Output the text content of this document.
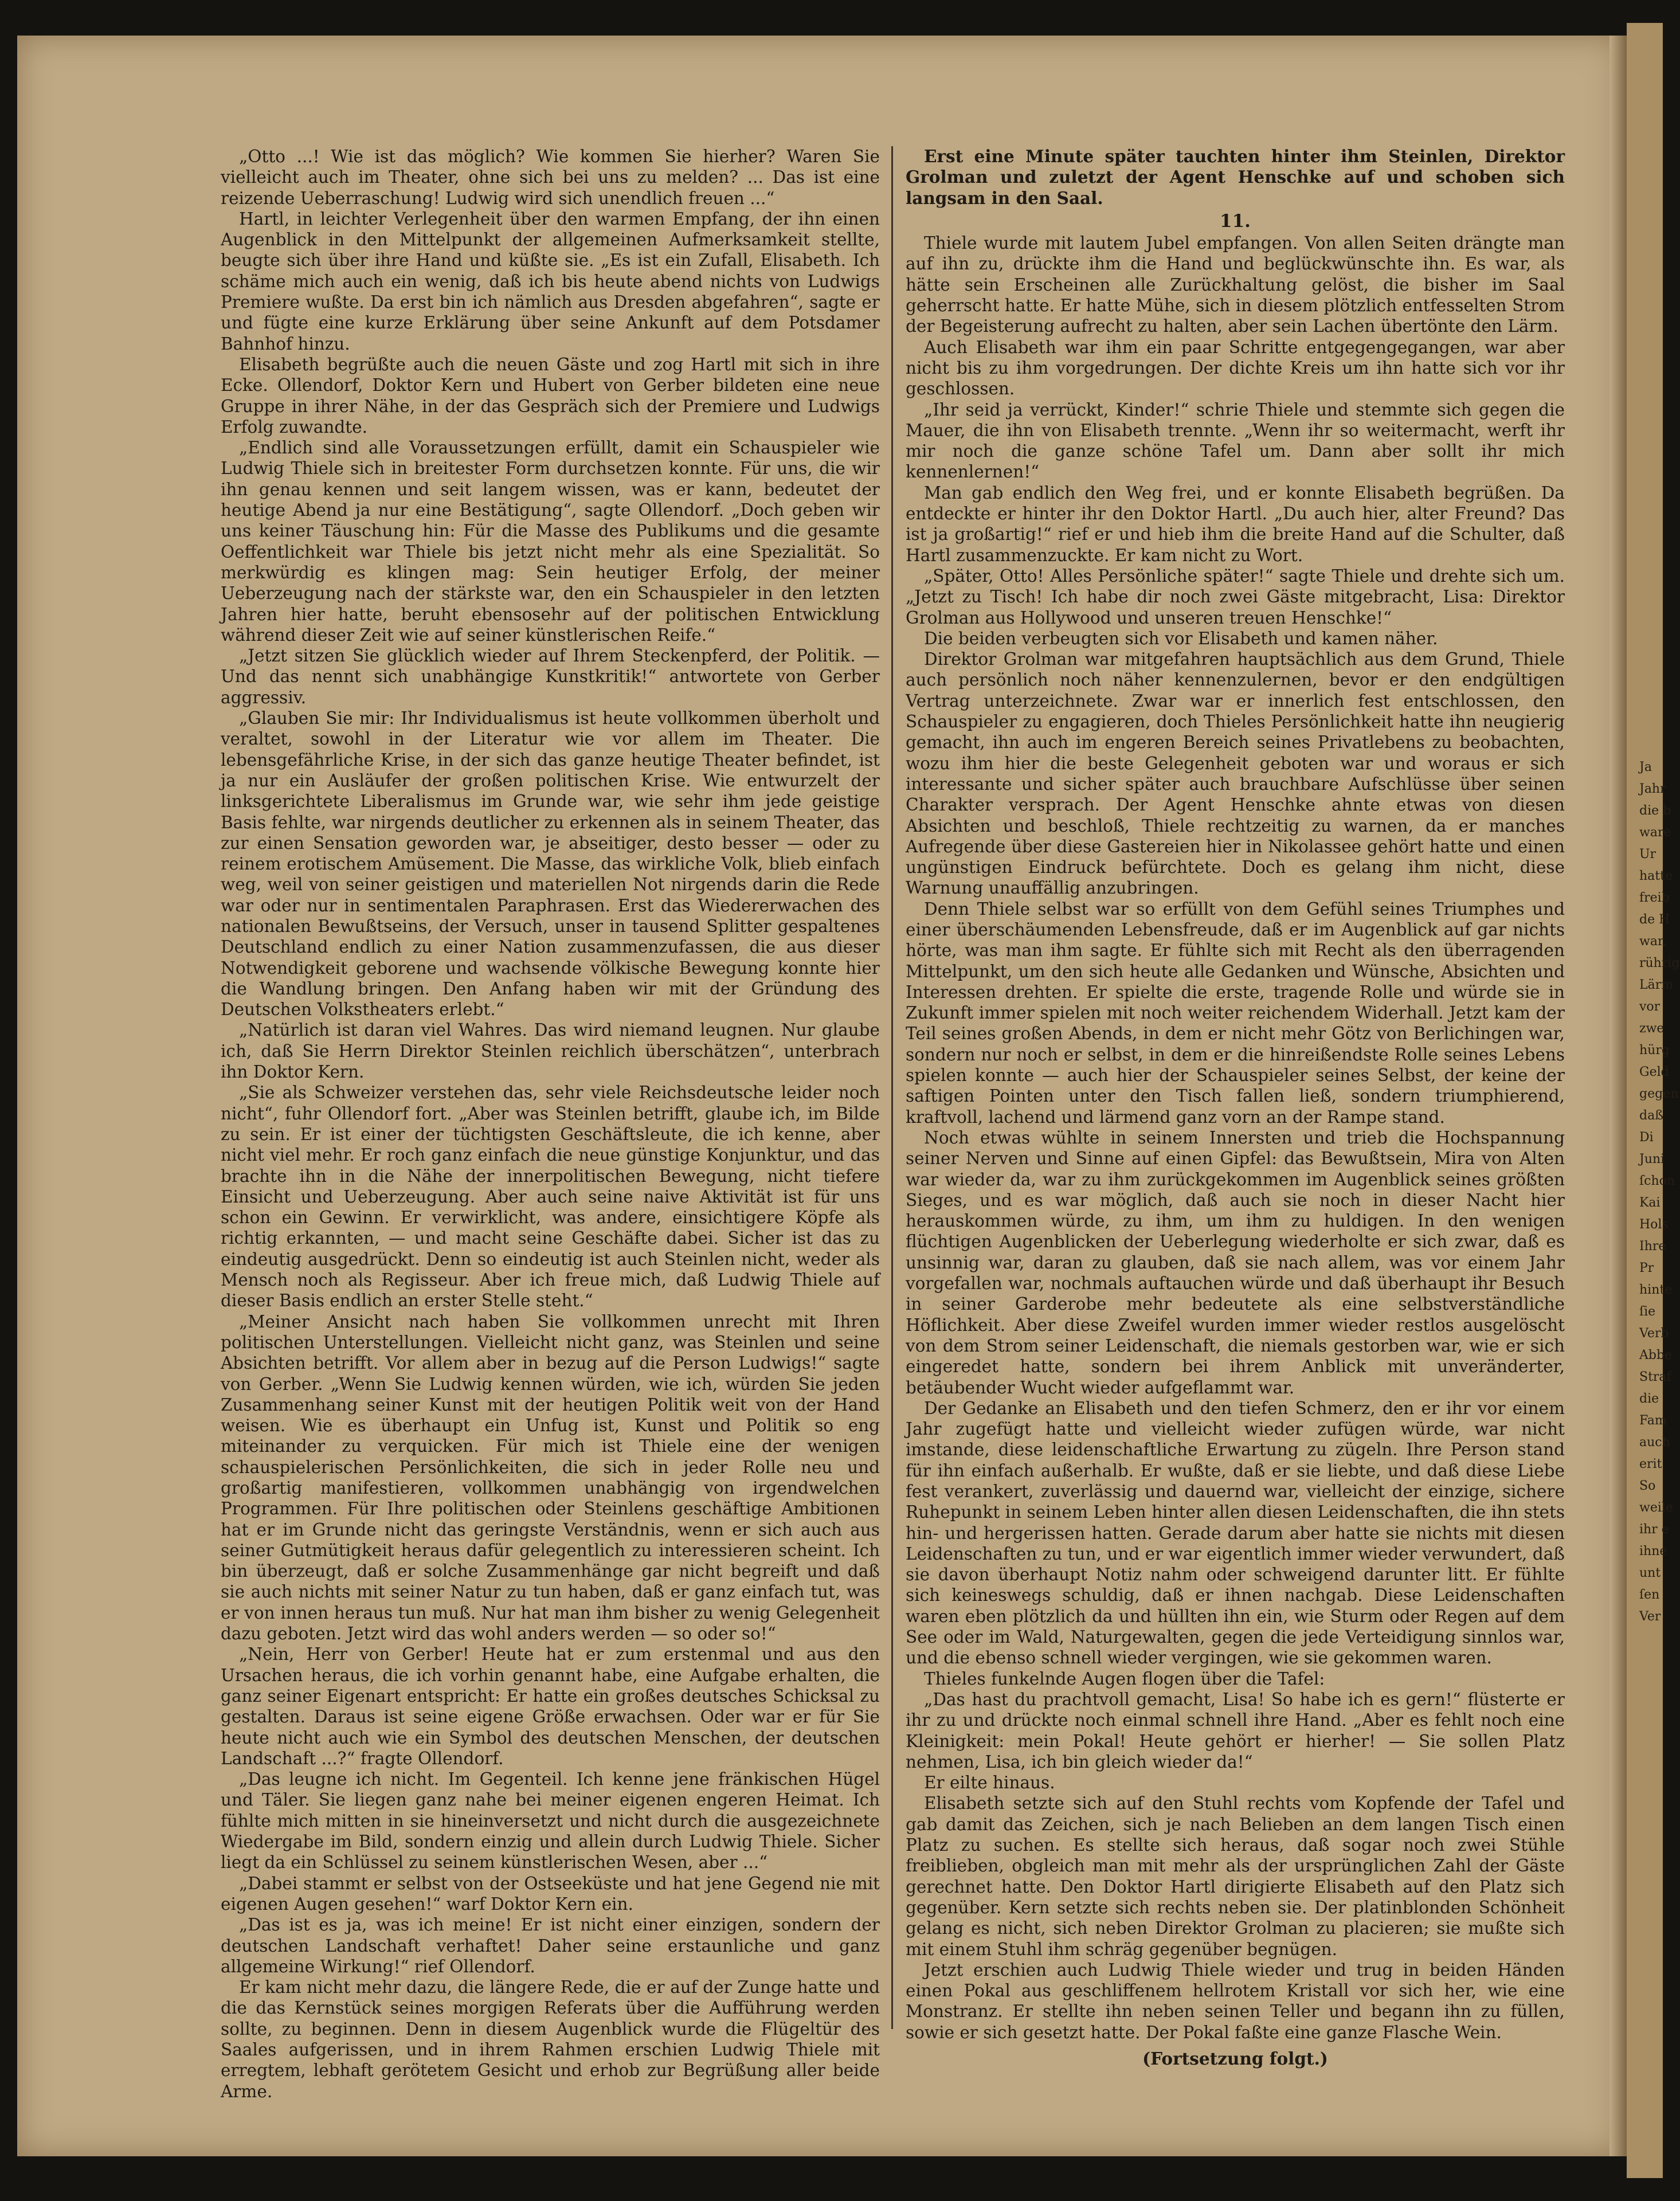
Ja
Jahr
die b
ware
Ur
hatte
freib
de H
war,
rührig
Lärm
vor
zwe
hürg
Geld
gegen
daß
Di
Juni
ſchon
Kai
Hols
Ihre
Pr
hinte
ſie
Verb
Abbe
Straf
die
Fam
auch
erit
So
weile
ihr e
ihne
unt
ſen
Ver

„Otto ...! Wie ist das möglich? Wie kommen Sie hierher? Waren Sie vielleicht auch im Theater, ohne sich bei uns zu melden? ... Das ist eine reizende Ueberraschung! Ludwig wird sich unendlich freuen ...“

Hartl, in leichter Verlegenheit über den warmen Empfang, der ihn einen Augenblick in den Mittelpunkt der allgemeinen Aufmerksamkeit stellte, beugte sich über ihre Hand und küßte sie. „Es ist ein Zufall, Elisabeth. Ich schäme mich auch ein wenig, daß ich bis heute abend nichts von Ludwigs Premiere wußte. Da erst bin ich nämlich aus Dresden abgefahren“, sagte er und fügte eine kurze Erklärung über seine Ankunft auf dem Potsdamer Bahnhof hinzu.

Elisabeth begrüßte auch die neuen Gäste und zog Hartl mit sich in ihre Ecke. Ollendorf, Doktor Kern und Hubert von Gerber bildeten eine neue Gruppe in ihrer Nähe, in der das Gespräch sich der Premiere und Ludwigs Erfolg zuwandte.

„Endlich sind alle Voraussetzungen erfüllt, damit ein Schauspieler wie Ludwig Thiele sich in breitester Form durchsetzen konnte. Für uns, die wir ihn genau kennen und seit langem wissen, was er kann, bedeutet der heutige Abend ja nur eine Bestätigung“, sagte Ollendorf. „Doch geben wir uns keiner Täuschung hin: Für die Masse des Publikums und die gesamte Oeffentlichkeit war Thiele bis jetzt nicht mehr als eine Spezialität. So merkwürdig es klingen mag: Sein heutiger Erfolg, der meiner Ueberzeugung nach der stärkste war, den ein Schauspieler in den letzten Jahren hier hatte, beruht ebensosehr auf der politischen Entwicklung während dieser Zeit wie auf seiner künstlerischen Reife.“

„Jetzt sitzen Sie glücklich wieder auf Ihrem Steckenpferd, der Politik. — Und das nennt sich unabhängige Kunstkritik!“ antwortete von Gerber aggressiv.

„Glauben Sie mir: Ihr Individualismus ist heute vollkommen überholt und veraltet, sowohl in der Literatur wie vor allem im Theater. Die lebensgefährliche Krise, in der sich das ganze heutige Theater befindet, ist ja nur ein Ausläufer der großen politischen Krise. Wie entwurzelt der linksgerichtete Liberalismus im Grunde war, wie sehr ihm jede geistige Basis fehlte, war nirgends deutlicher zu erkennen als in seinem Theater, das zur einen Sensation geworden war, je abseitiger, desto besser — oder zu reinem erotischem Amüsement. Die Masse, das wirkliche Volk, blieb einfach weg, weil von seiner geistigen und materiellen Not nirgends darin die Rede war oder nur in sentimentalen Paraphrasen. Erst das Wiedererwachen des nationalen Bewußtseins, der Versuch, unser in tausend Splitter gespaltenes Deutschland endlich zu einer Nation zusammenzufassen, die aus dieser Notwendigkeit geborene und wachsende völkische Bewegung konnte hier die Wandlung bringen. Den Anfang haben wir mit der Gründung des Deutschen Volkstheaters erlebt.“

„Natürlich ist daran viel Wahres. Das wird niemand leugnen. Nur glaube ich, daß Sie Herrn Direktor Steinlen reichlich überschätzen“, unterbrach ihn Doktor Kern.

„Sie als Schweizer verstehen das, sehr viele Reichsdeutsche leider noch nicht“, fuhr Ollendorf fort. „Aber was Steinlen betrifft, glaube ich, im Bilde zu sein. Er ist einer der tüchtigsten Geschäftsleute, die ich kenne, aber nicht viel mehr. Er roch ganz einfach die neue günstige Konjunktur, und das brachte ihn in die Nähe der innerpolitischen Bewegung, nicht tiefere Einsicht und Ueberzeugung. Aber auch seine naive Aktivität ist für uns schon ein Gewinn. Er verwirklicht, was andere, einsichtigere Köpfe als richtig erkannten, — und macht seine Geschäfte dabei. Sicher ist das zu eindeutig ausgedrückt. Denn so eindeutig ist auch Steinlen nicht, weder als Mensch noch als Regisseur. Aber ich freue mich, daß Ludwig Thiele auf dieser Basis endlich an erster Stelle steht.“

„Meiner Ansicht nach haben Sie vollkommen unrecht mit Ihren politischen Unterstellungen. Vielleicht nicht ganz, was Steinlen und seine Absichten betrifft. Vor allem aber in bezug auf die Person Ludwigs!“ sagte von Gerber. „Wenn Sie Ludwig kennen würden, wie ich, würden Sie jeden Zusammenhang seiner Kunst mit der heutigen Politik weit von der Hand weisen. Wie es überhaupt ein Unfug ist, Kunst und Politik so eng miteinander zu verquicken. Für mich ist Thiele eine der wenigen schauspielerischen Persönlichkeiten, die sich in jeder Rolle neu und großartig manifestieren, vollkommen unabhängig von irgendwelchen Programmen. Für Ihre politischen oder Steinlens geschäftige Ambitionen hat er im Grunde nicht das geringste Verständnis, wenn er sich auch aus seiner Gutmütigkeit heraus dafür gelegentlich zu interessieren scheint. Ich bin überzeugt, daß er solche Zusammenhänge gar nicht begreift und daß sie auch nichts mit seiner Natur zu tun haben, daß er ganz einfach tut, was er von innen heraus tun muß. Nur hat man ihm bisher zu wenig Gelegenheit dazu geboten. Jetzt wird das wohl anders werden — so oder so!“

„Nein, Herr von Gerber! Heute hat er zum erstenmal und aus den Ursachen heraus, die ich vorhin genannt habe, eine Aufgabe erhalten, die ganz seiner Eigenart entspricht: Er hatte ein großes deutsches Schicksal zu gestalten. Daraus ist seine eigene Größe erwachsen. Oder war er für Sie heute nicht auch wie ein Symbol des deutschen Menschen, der deutschen Landschaft ...?“ fragte Ollendorf.

„Das leugne ich nicht. Im Gegenteil. Ich kenne jene fränkischen Hügel und Täler. Sie liegen ganz nahe bei meiner eigenen engeren Heimat. Ich fühlte mich mitten in sie hineinversetzt und nicht durch die ausgezeichnete Wiedergabe im Bild, sondern einzig und allein durch Ludwig Thiele. Sicher liegt da ein Schlüssel zu seinem künstlerischen Wesen, aber ...“

„Dabei stammt er selbst von der Ostseeküste und hat jene Gegend nie mit eigenen Augen gesehen!“ warf Doktor Kern ein.

„Das ist es ja, was ich meine! Er ist nicht einer einzigen, sondern der deutschen Landschaft verhaftet! Daher seine erstaunliche und ganz allgemeine Wirkung!“ rief Ollendorf.

Er kam nicht mehr dazu, die längere Rede, die er auf der Zunge hatte und die das Kernstück seines morgigen Referats über die Aufführung werden sollte, zu beginnen. Denn in diesem Augenblick wurde die Flügeltür des Saales aufgerissen, und in ihrem Rahmen erschien Ludwig Thiele mit erregtem, lebhaft gerötetem Gesicht und erhob zur Begrüßung aller beide Arme.

Erst eine Minute später tauchten hinter ihm Steinlen, Direktor Grolman und zuletzt der Agent Henschke auf und schoben sich langsam in den Saal.

11.

Thiele wurde mit lautem Jubel empfangen. Von allen Seiten drängte man auf ihn zu, drückte ihm die Hand und beglückwünschte ihn. Es war, als hätte sein Erscheinen alle Zurückhaltung gelöst, die bisher im Saal geherrscht hatte. Er hatte Mühe, sich in diesem plötzlich entfesselten Strom der Begeisterung aufrecht zu halten, aber sein Lachen übertönte den Lärm.

Auch Elisabeth war ihm ein paar Schritte entgegengegangen, war aber nicht bis zu ihm vorgedrungen. Der dichte Kreis um ihn hatte sich vor ihr geschlossen.

„Ihr seid ja verrückt, Kinder!“ schrie Thiele und stemmte sich gegen die Mauer, die ihn von Elisabeth trennte. „Wenn ihr so weitermacht, werft ihr mir noch die ganze schöne Tafel um. Dann aber sollt ihr mich kennenlernen!“

Man gab endlich den Weg frei, und er konnte Elisabeth begrüßen. Da entdeckte er hinter ihr den Doktor Hartl. „Du auch hier, alter Freund? Das ist ja großartig!“ rief er und hieb ihm die breite Hand auf die Schulter, daß Hartl zusammenzuckte. Er kam nicht zu Wort.

„Später, Otto! Alles Persönliche später!“ sagte Thiele und drehte sich um. „Jetzt zu Tisch! Ich habe dir noch zwei Gäste mitgebracht, Lisa: Direktor Grolman aus Hollywood und unseren treuen Henschke!“

Die beiden verbeugten sich vor Elisabeth und kamen näher.

Direktor Grolman war mitgefahren hauptsächlich aus dem Grund, Thiele auch persönlich noch näher kennenzulernen, bevor er den endgültigen Vertrag unterzeichnete. Zwar war er innerlich fest entschlossen, den Schauspieler zu engagieren, doch Thieles Persönlichkeit hatte ihn neugierig gemacht, ihn auch im engeren Bereich seines Privatlebens zu beobachten, wozu ihm hier die beste Gelegenheit geboten war und woraus er sich interessante und sicher später auch brauchbare Aufschlüsse über seinen Charakter versprach. Der Agent Henschke ahnte etwas von diesen Absichten und beschloß, Thiele rechtzeitig zu warnen, da er manches Aufregende über diese Gastereien hier in Nikolassee gehört hatte und einen ungünstigen Eindruck befürchtete. Doch es gelang ihm nicht, diese Warnung unauffällig anzubringen.

Denn Thiele selbst war so erfüllt von dem Gefühl seines Triumphes und einer überschäumenden Lebensfreude, daß er im Augenblick auf gar nichts hörte, was man ihm sagte. Er fühlte sich mit Recht als den überragenden Mittelpunkt, um den sich heute alle Gedanken und Wünsche, Absichten und Interessen drehten. Er spielte die erste, tragende Rolle und würde sie in Zukunft immer spielen mit noch weiter reichendem Widerhall. Jetzt kam der Teil seines großen Abends, in dem er nicht mehr Götz von Berlichingen war, sondern nur noch er selbst, in dem er die hinreißendste Rolle seines Lebens spielen konnte — auch hier der Schauspieler seines Selbst, der keine der saftigen Pointen unter den Tisch fallen ließ, sondern triumphierend, kraftvoll, lachend und lärmend ganz vorn an der Rampe stand.

Noch etwas wühlte in seinem Innersten und trieb die Hochspannung seiner Nerven und Sinne auf einen Gipfel: das Bewußtsein, Mira von Alten war wieder da, war zu ihm zurückgekommen im Augenblick seines größten Sieges, und es war möglich, daß auch sie noch in dieser Nacht hier herauskommen würde, zu ihm, um ihm zu huldigen. In den wenigen flüchtigen Augenblicken der Ueberlegung wiederholte er sich zwar, daß es unsinnig war, daran zu glauben, daß sie nach allem, was vor einem Jahr vorgefallen war, nochmals auftauchen würde und daß überhaupt ihr Besuch in seiner Garderobe mehr bedeutete als eine selbstverständliche Höflichkeit. Aber diese Zweifel wurden immer wieder restlos ausgelöscht von dem Strom seiner Leidenschaft, die niemals gestorben war, wie er sich eingeredet hatte, sondern bei ihrem Anblick mit unveränderter, betäubender Wucht wieder aufgeflammt war.

Der Gedanke an Elisabeth und den tiefen Schmerz, den er ihr vor einem Jahr zugefügt hatte und vielleicht wieder zufügen würde, war nicht imstande, diese leidenschaftliche Erwartung zu zügeln. Ihre Person stand für ihn einfach außerhalb. Er wußte, daß er sie liebte, und daß diese Liebe fest verankert, zuverlässig und dauernd war, vielleicht der einzige, sichere Ruhepunkt in seinem Leben hinter allen diesen Leidenschaften, die ihn stets hin- und hergerissen hatten. Gerade darum aber hatte sie nichts mit diesen Leidenschaften zu tun, und er war eigentlich immer wieder verwundert, daß sie davon überhaupt Notiz nahm oder schweigend darunter litt. Er fühlte sich keineswegs schuldig, daß er ihnen nachgab. Diese Leidenschaften waren eben plötzlich da und hüllten ihn ein, wie Sturm oder Regen auf dem See oder im Wald, Naturgewalten, gegen die jede Verteidigung sinnlos war, und die ebenso schnell wieder vergingen, wie sie gekommen waren.

Thieles funkelnde Augen flogen über die Tafel:

„Das hast du prachtvoll gemacht, Lisa! So habe ich es gern!“ flüsterte er ihr zu und drückte noch einmal schnell ihre Hand. „Aber es fehlt noch eine Kleinigkeit: mein Pokal! Heute gehört er hierher! — Sie sollen Platz nehmen, Lisa, ich bin gleich wieder da!“

Er eilte hinaus.

Elisabeth setzte sich auf den Stuhl rechts vom Kopfende der Tafel und gab damit das Zeichen, sich je nach Belieben an dem langen Tisch einen Platz zu suchen. Es stellte sich heraus, daß sogar noch zwei Stühle freiblieben, obgleich man mit mehr als der ursprünglichen Zahl der Gäste gerechnet hatte. Den Doktor Hartl dirigierte Elisabeth auf den Platz sich gegenüber. Kern setzte sich rechts neben sie. Der platinblonden Schönheit gelang es nicht, sich neben Direktor Grolman zu placieren; sie mußte sich mit einem Stuhl ihm schräg gegenüber begnügen.

Jetzt erschien auch Ludwig Thiele wieder und trug in beiden Händen einen Pokal aus geschliffenem hellrotem Kristall vor sich her, wie eine Monstranz. Er stellte ihn neben seinen Teller und begann ihn zu füllen, sowie er sich gesetzt hatte. Der Pokal faßte eine ganze Flasche Wein.

(Fortsetzung folgt.)
